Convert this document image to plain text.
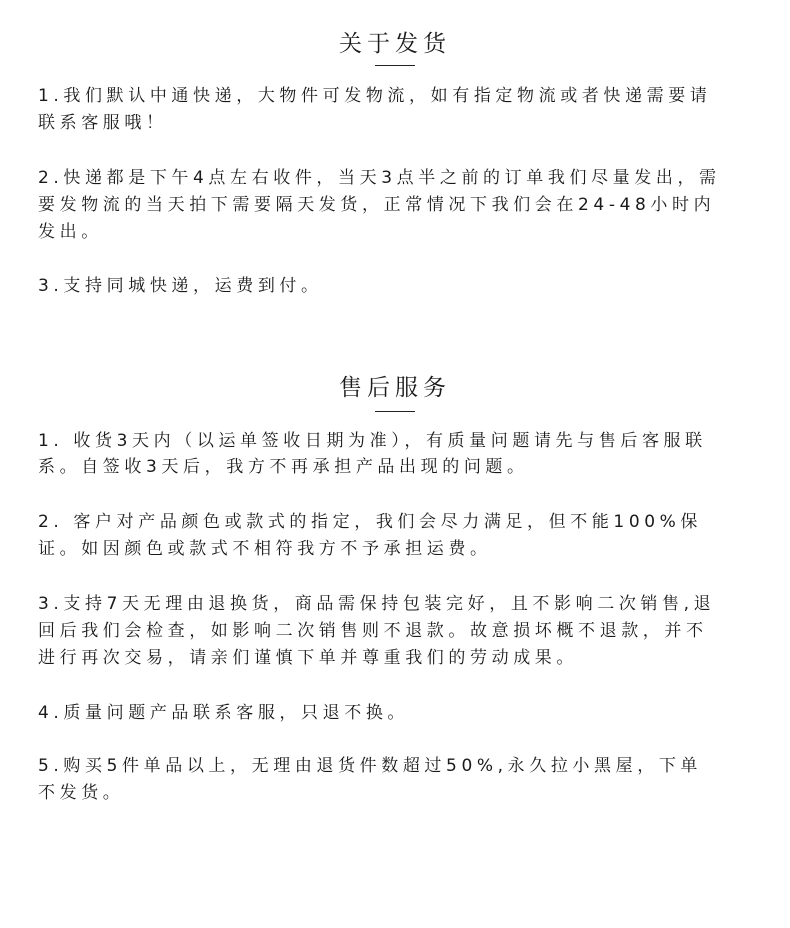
关于发货
1.我们默认中通快递，大物件可发物流，如有指定物流或者快递需要请
联系客服哦！
2.快递都是下午4点左右收件，当天3点半之前的订单我们尽量发出，需
要发物流的当天拍下需要隔天发货，正常情况下我们会在24-48小时内
发出。
3.支持同城快递，运费到付。
售后服务
1. 收货3天内（以运单签收日期为准），有质量问题请先与售后客服联
系。自签收3天后，我方不再承担产品出现的问题。
2. 客户对产品颜色或款式的指定，我们会尽力满足，但不能100%保
证。如因颜色或款式不相符我方不予承担运费。
3.支持7天无理由退换货，商品需保持包装完好，且不影响二次销售,退
回后我们会检查，如影响二次销售则不退款。故意损坏概不退款，并不
进行再次交易，请亲们谨慎下单并尊重我们的劳动成果。
4.质量问题产品联系客服，只退不换。
5.购买5件单品以上，无理由退货件数超过50%,永久拉小黑屋，下单
不发货。
